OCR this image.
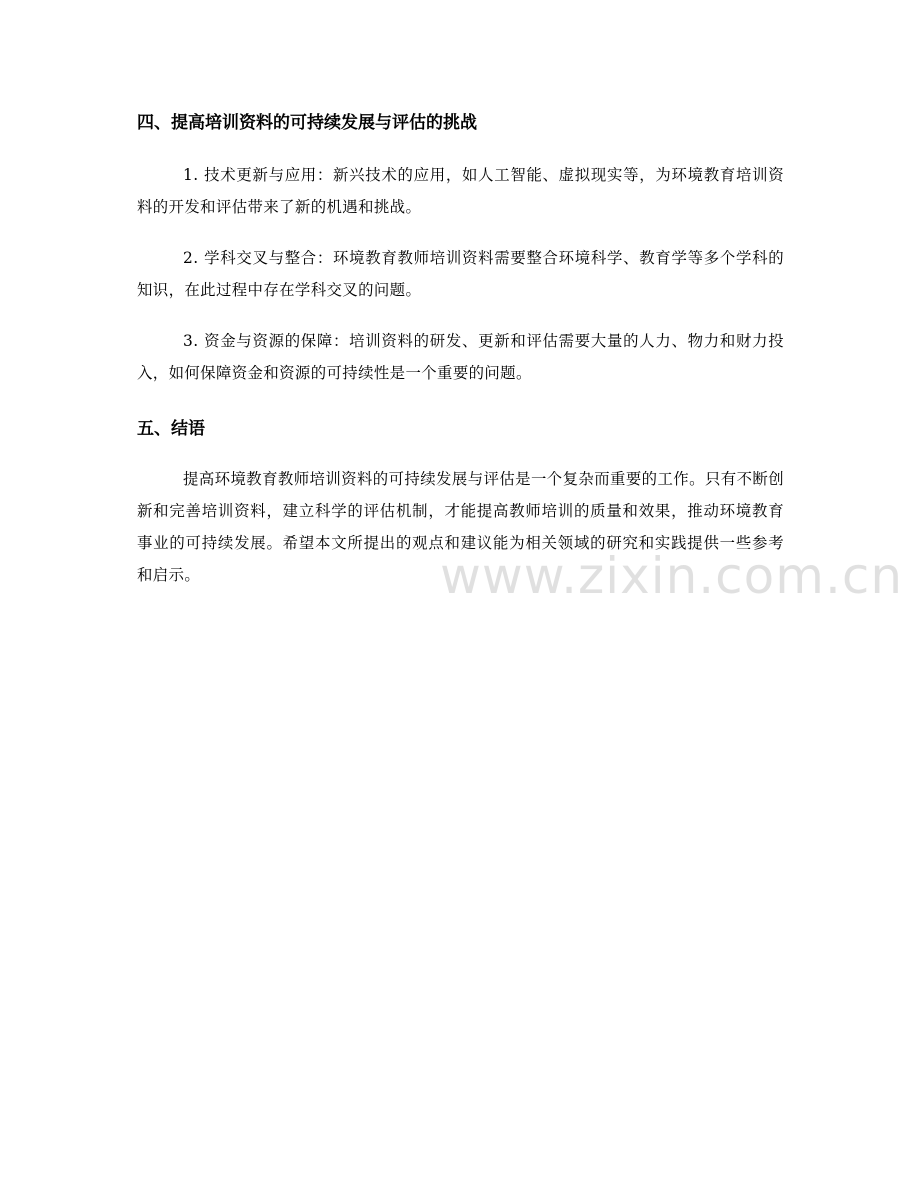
四、提高培训资料的可持续发展与评估的挑战

1. 技术更新与应用：新兴技术的应用，如人工智能、虚拟现实等，为环境教育培训资料的开发和评估带来了新的机遇和挑战。

2. 学科交叉与整合：环境教育教师培训资料需要整合环境科学、教育学等多个学科的知识，在此过程中存在学科交叉的问题。

3. 资金与资源的保障：培训资料的研发、更新和评估需要大量的人力、物力和财力投入，如何保障资金和资源的可持续性是一个重要的问题。

五、结语

提高环境教育教师培训资料的可持续发展与评估是一个复杂而重要的工作。只有不断创新和完善培训资料，建立科学的评估机制，才能提高教师培训的质量和效果，推动环境教育事业的可持续发展。希望本文所提出的观点和建议能为相关领域的研究和实践提供一些参考和启示。	www.zixin.com.cn
